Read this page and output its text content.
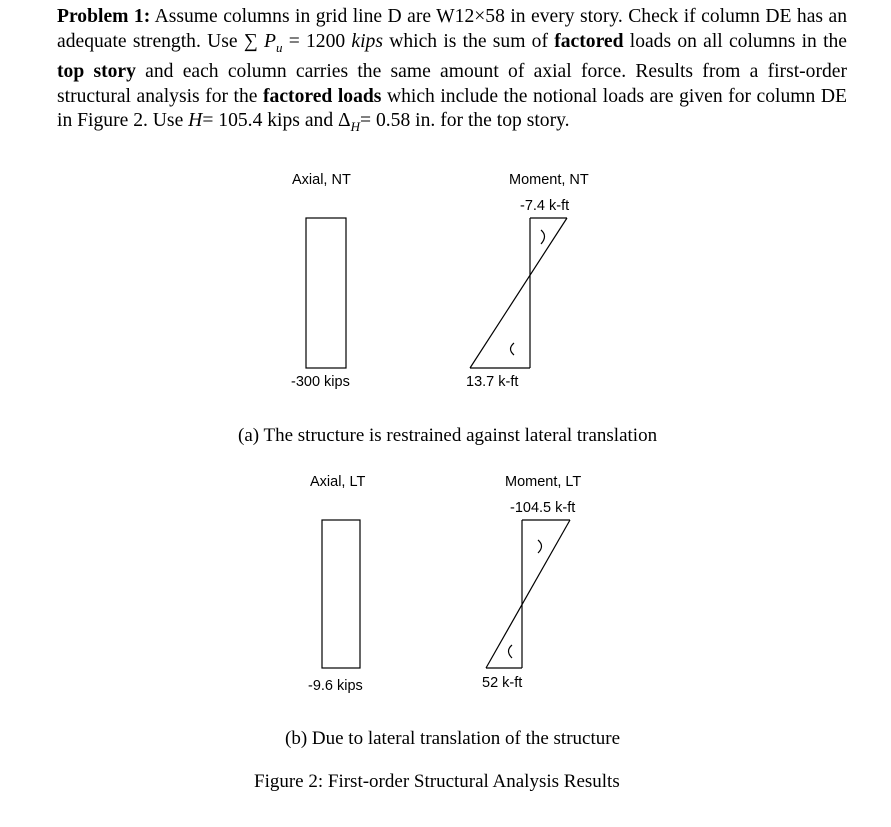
Problem 1: Assume columns in grid line D are W12×58 in every story. Check if column DE has an adequate strength. Use ∑ $P_u = 1200$ kips which is the sum of factored loads on all columns in the top story and each column carries the same amount of axial force. Results from a first-order structural analysis for the factored loads which include the notional loads are given for column DE in Figure 2. Use H= 105.4 kips and $\Delta_H= 0.58$ in. for the top story.
Axial, NT
-300 kips
Moment, NT
-7.4 k-ft
13.7 k-ft
(a) The structure is restrained against lateral translation
Axial, LT
-9.6 kips
Moment, LT
-104.5 k-ft
52 k-ft
(b) Due to lateral translation of the structure
Figure 2: First-order Structural Analysis Results
